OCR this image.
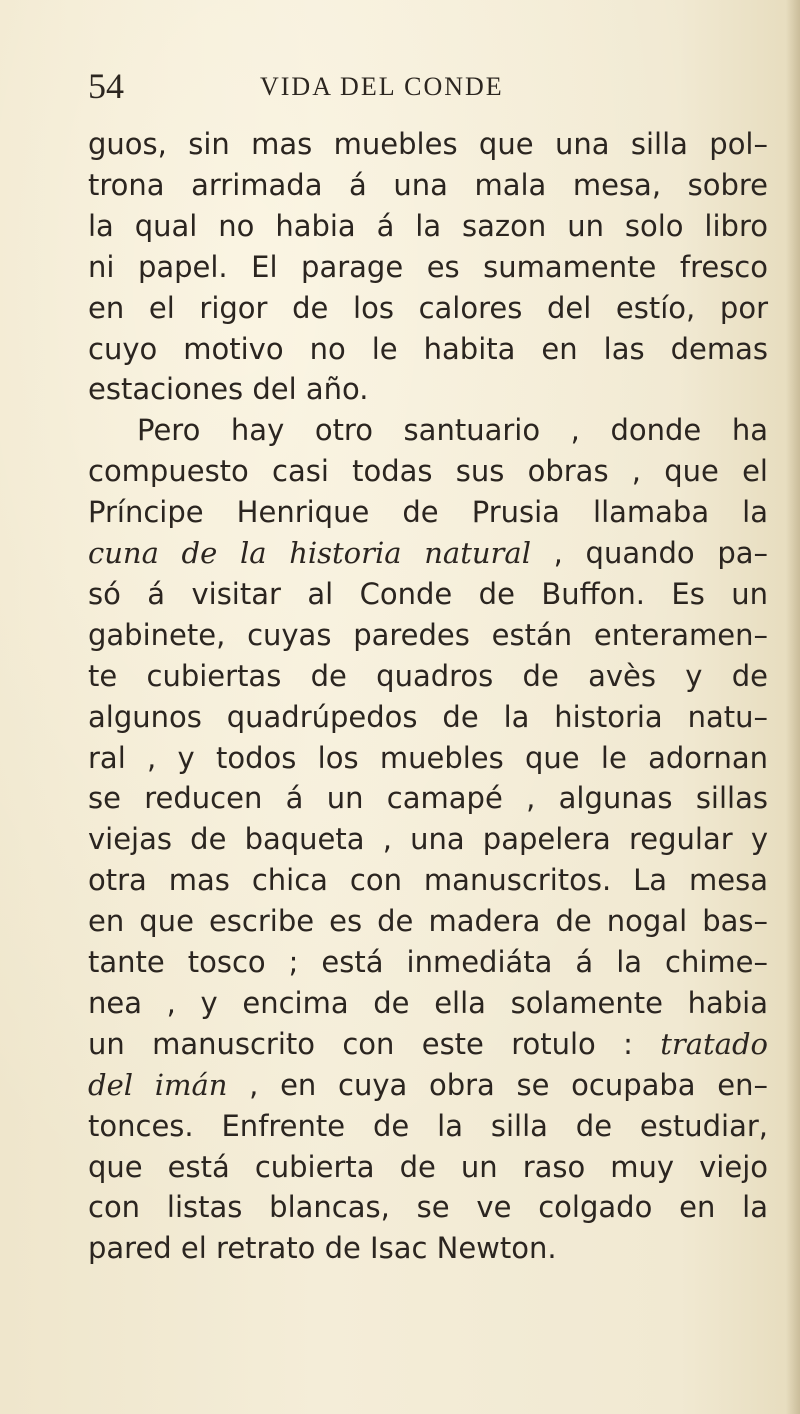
54	VIDA DEL CONDE
guos, sin mas muebles que una silla pol–
trona arrimada á una mala mesa, sobre
la qual no habia á la sazon un solo libro
ni papel. El parage es sumamente fresco
en el rigor de los calores del estío, por
cuyo motivo no le habita en las demas
estaciones del año.
Pero hay otro santuario , donde ha
compuesto casi todas sus obras , que el
Príncipe Henrique de Prusia llamaba la
cuna de la historia natural , quando pa–
só á visitar al Conde de Buffon. Es un
gabinete, cuyas paredes están enteramen–
te cubiertas de quadros de avès y de
algunos quadrúpedos de la historia natu–
ral , y todos los muebles que le adornan
se reducen á un camapé , algunas sillas
viejas de baqueta , una papelera regular y
otra mas chica con manuscritos. La mesa
en que escribe es de madera de nogal bas–
tante tosco ; está inmediáta á la chime–
nea , y encima de ella solamente habia
un manuscrito con este rotulo : tratado
del imán , en cuya obra se ocupaba en–
tonces. Enfrente de la silla de estudiar,
que está cubierta de un raso muy viejo
con listas blancas, se ve colgado en la
pared el retrato de Isac Newton.
